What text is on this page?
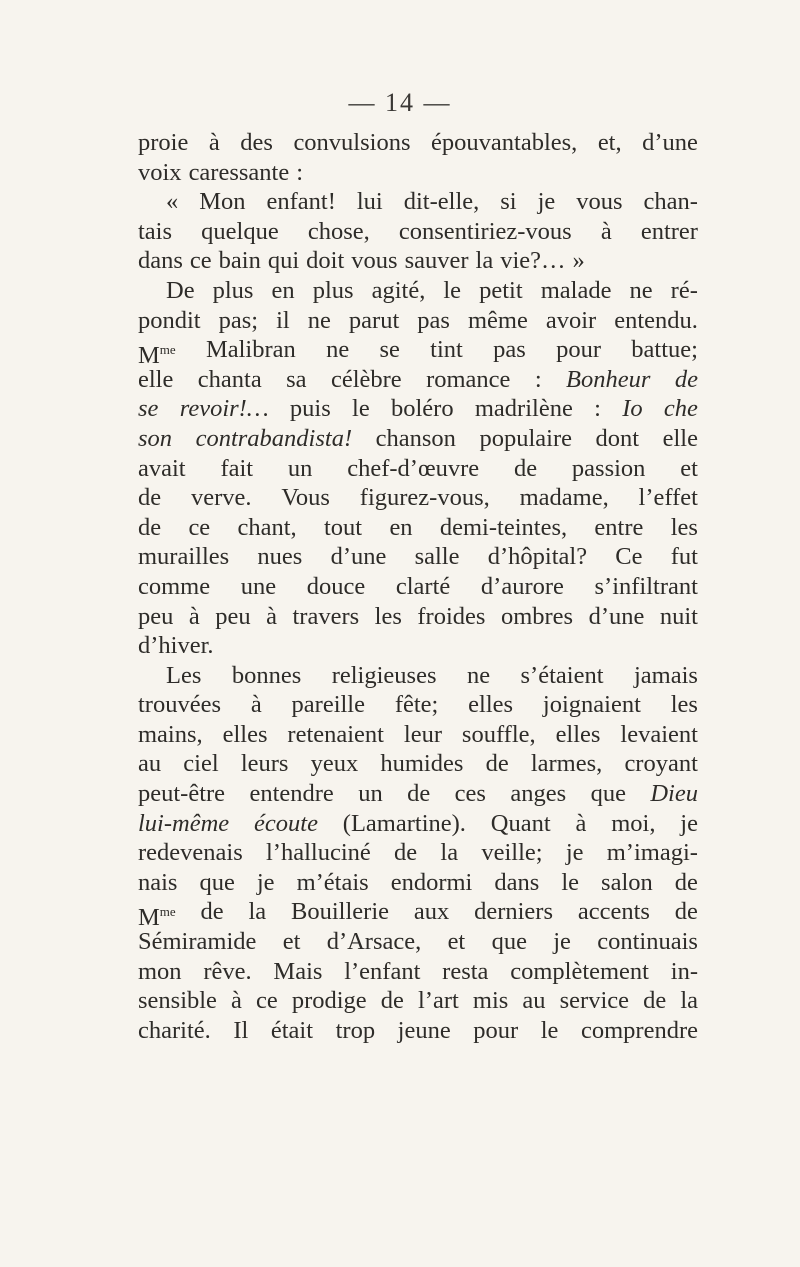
— 14 —
proie à des convulsions épouvantables, et, d’une
voix caressante :
« Mon enfant! lui dit-elle, si je vous chan-
tais quelque chose, consentiriez-vous à entrer
dans ce bain qui doit vous sauver la vie?… »
De plus en plus agité, le petit malade ne ré-
pondit pas; il ne parut pas même avoir entendu.
$M^{me}$ Malibran ne se tint pas pour battue;
elle chanta sa célèbre romance : Bonheur de
se revoir!… puis le boléro madrilène : Io che
son contrabandista! chanson populaire dont elle
avait fait un chef-d’œuvre de passion et
de verve. Vous figurez-vous, madame, l’effet
de ce chant, tout en demi-teintes, entre les
murailles nues d’une salle d’hôpital? Ce fut
comme une douce clarté d’aurore s’infiltrant
peu à peu à travers les froides ombres d’une nuit
d’hiver.
Les bonnes religieuses ne s’étaient jamais
trouvées à pareille fête; elles joignaient les
mains, elles retenaient leur souffle, elles levaient
au ciel leurs yeux humides de larmes, croyant
peut-être entendre un de ces anges que Dieu
lui-même écoute (Lamartine). Quant à moi, je
redevenais l’halluciné de la veille; je m’imagi-
nais que je m’étais endormi dans le salon de
$M^{me}$ de la Bouillerie aux derniers accents de
Sémiramide et d’Arsace, et que je continuais
mon rêve. Mais l’enfant resta complètement in-
sensible à ce prodige de l’art mis au service de la
charité. Il était trop jeune pour le comprendre
